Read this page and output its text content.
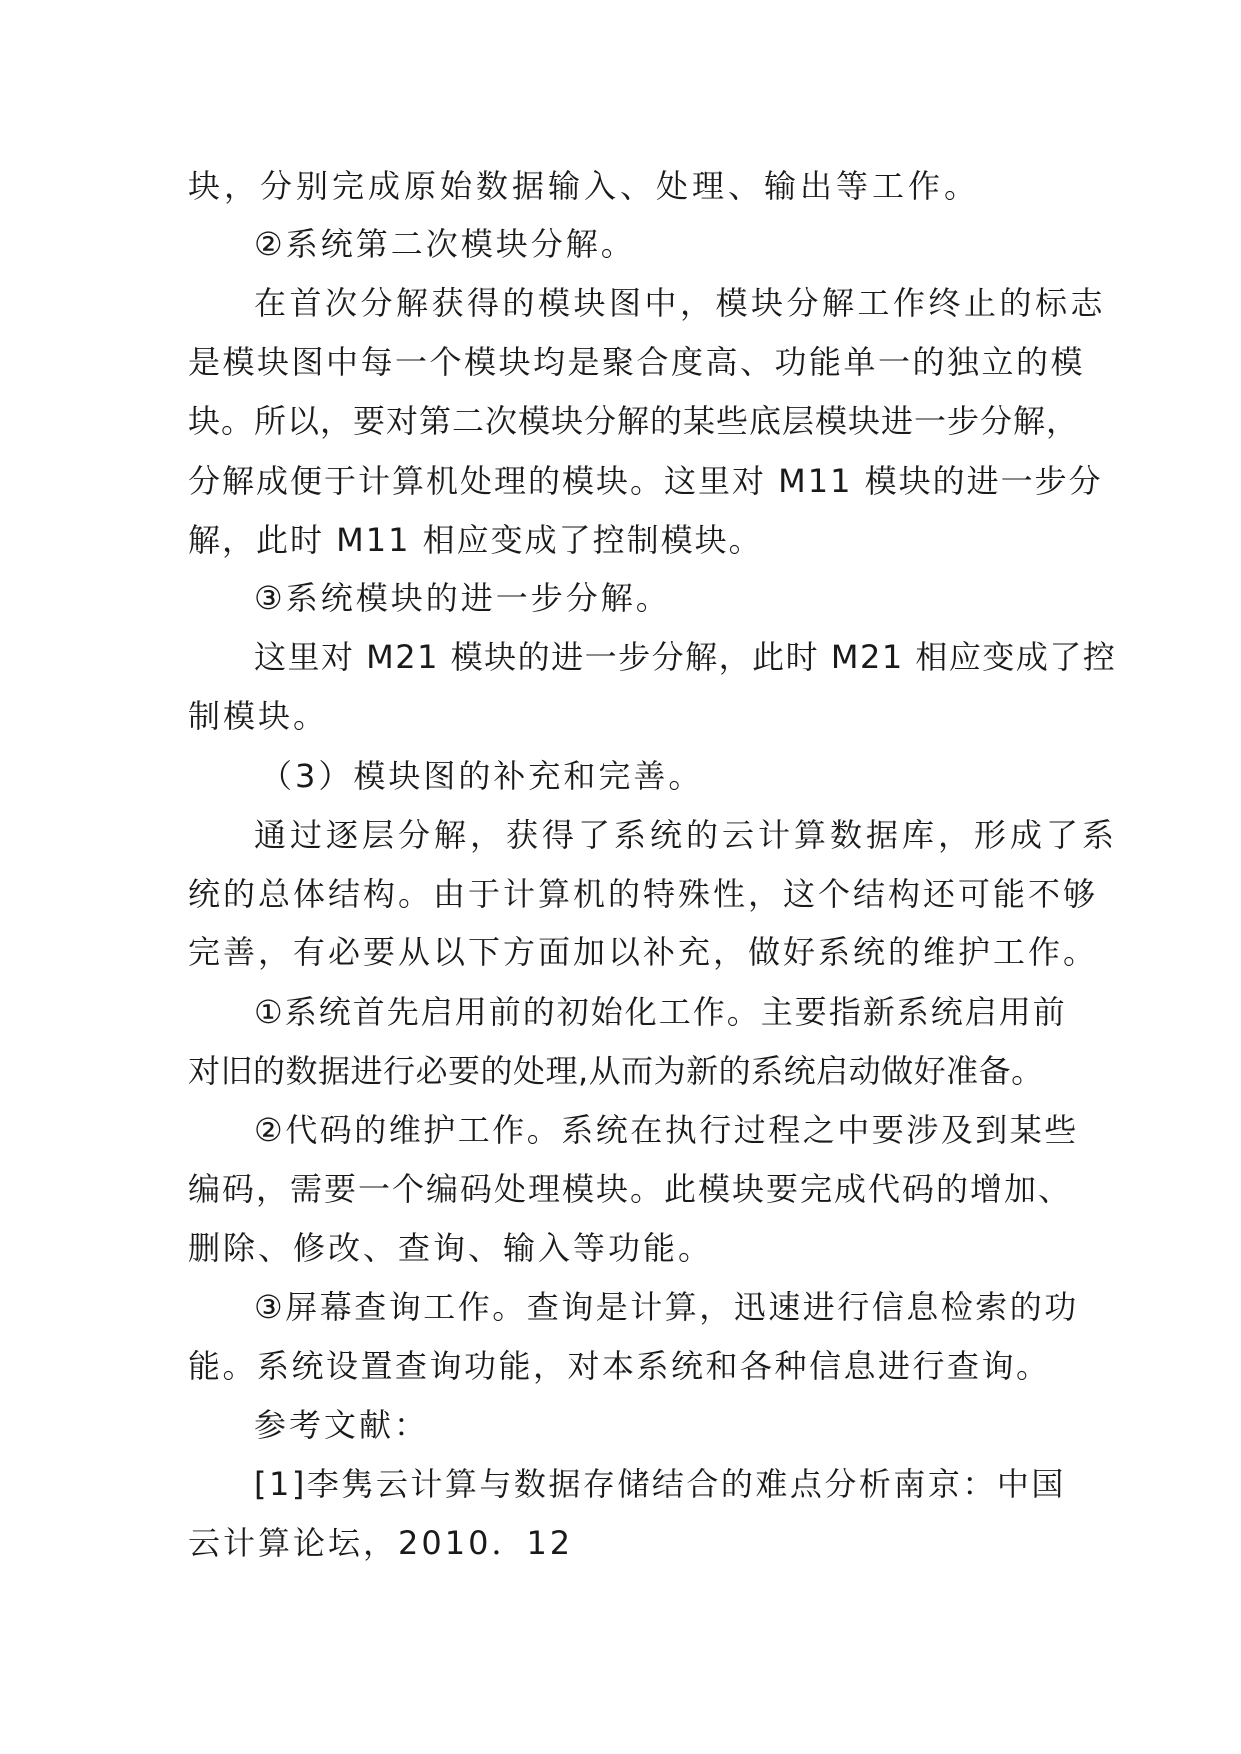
块，分别完成原始数据输入、处理、输出等工作。
②系统第二次模块分解。
在首次分解获得的模块图中，模块分解工作终止的标志
是模块图中每一个模块均是聚合度高、功能单一的独立的模
块。所以，要对第二次模块分解的某些底层模块进一步分解，
分解成便于计算机处理的模块。这里对 M11 模块的进一步分
解，此时 M11 相应变成了控制模块。
③系统模块的进一步分解。
这里对 M21 模块的进一步分解，此时 M21 相应变成了控
制模块。
（3）模块图的补充和完善。
通过逐层分解，获得了系统的云计算数据库，形成了系
统的总体结构。由于计算机的特殊性，这个结构还可能不够
完善，有必要从以下方面加以补充，做好系统的维护工作。
①系统首先启用前的初始化工作。主要指新系统启用前
对旧的数据进行必要的处理,从而为新的系统启动做好准备。
②代码的维护工作。系统在执行过程之中要涉及到某些
编码，需要一个编码处理模块。此模块要完成代码的增加、
删除、修改、查询、输入等功能。
③屏幕查询工作。查询是计算，迅速进行信息检索的功
能。系统设置查询功能，对本系统和各种信息进行查询。
参考文献：
[1]李隽云计算与数据存储结合的难点分析南京：中国
云计算论坛，2010．12
